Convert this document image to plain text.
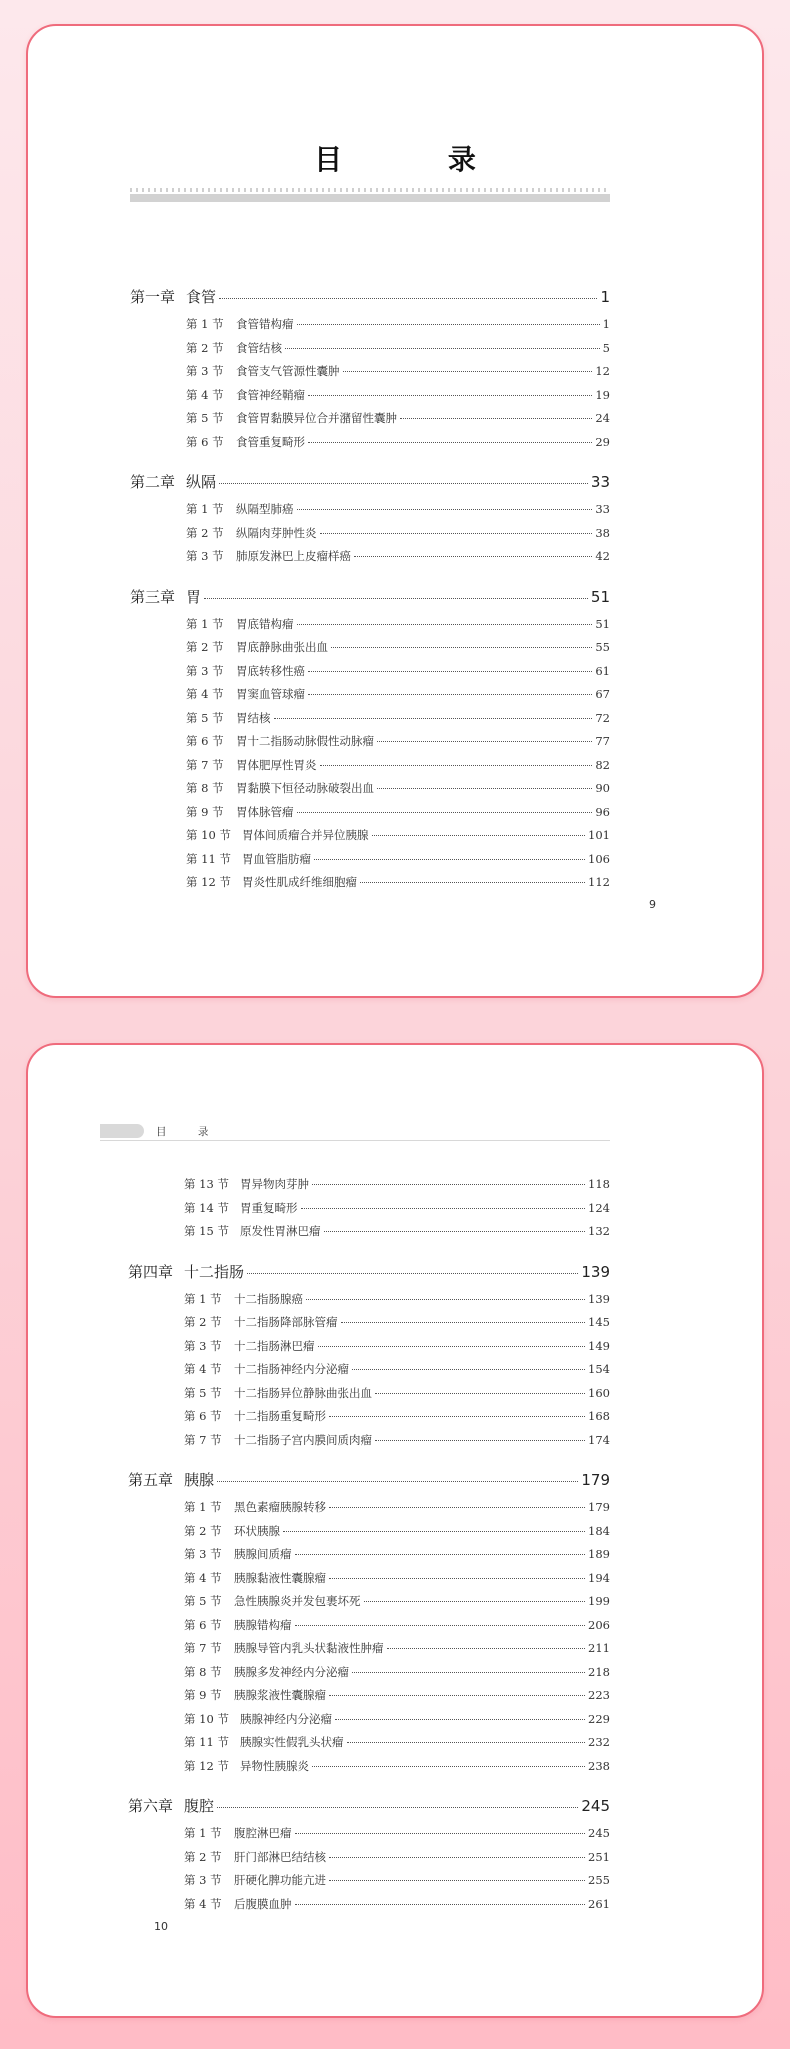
目 录
第一章 食管	1
第 1 节	食管错构瘤	1
第 2 节	食管结核	5
第 3 节	食管支气管源性囊肿	12
第 4 节	食管神经鞘瘤	19
第 5 节	食管胃黏膜异位合并潴留性囊肿	24
第 6 节	食管重复畸形	29
第二章 纵隔	33
第 1 节	纵隔型肺癌	33
第 2 节	纵隔肉芽肿性炎	38
第 3 节	肺原发淋巴上皮瘤样癌	42
第三章 胃	51
第 1 节	胃底错构瘤	51
第 2 节	胃底静脉曲张出血	55
第 3 节	胃底转移性癌	61
第 4 节	胃窦血管球瘤	67
第 5 节	胃结核	72
第 6 节	胃十二指肠动脉假性动脉瘤	77
第 7 节	胃体肥厚性胃炎	82
第 8 节	胃黏膜下恒径动脉破裂出血	90
第 9 节	胃体脉管瘤	96
第 10 节 胃体间质瘤合并异位胰腺	101
第 11 节 胃血管脂肪瘤	106
第 12 节 胃炎性肌成纤维细胞瘤	112
9
目 录
第 13 节 胃异物肉芽肿	118
第 14 节 胃重复畸形	124
第 15 节 原发性胃淋巴瘤	132
第四章 十二指肠	139
第 1 节	十二指肠腺癌	139
第 2 节	十二指肠降部脉管瘤	145
第 3 节	十二指肠淋巴瘤	149
第 4 节	十二指肠神经内分泌瘤	154
第 5 节	十二指肠异位静脉曲张出血	160
第 6 节	十二指肠重复畸形	168
第 7 节	十二指肠子宫内膜间质肉瘤	174
第五章 胰腺	179
第 1 节	黑色素瘤胰腺转移	179
第 2 节	环状胰腺	184
第 3 节	胰腺间质瘤	189
第 4 节	胰腺黏液性囊腺瘤	194
第 5 节	急性胰腺炎并发包裹坏死	199
第 6 节	胰腺错构瘤	206
第 7 节	胰腺导管内乳头状黏液性肿瘤	211
第 8 节	胰腺多发神经内分泌瘤	218
第 9 节	胰腺浆液性囊腺瘤	223
第 10 节 胰腺神经内分泌瘤	229
第 11 节 胰腺实性假乳头状瘤	232
第 12 节 异物性胰腺炎	238
第六章 腹腔	245
第 1 节	腹腔淋巴瘤	245
第 2 节	肝门部淋巴结结核	251
第 3 节	肝硬化脾功能亢进	255
第 4 节	后腹膜血肿	261
10
